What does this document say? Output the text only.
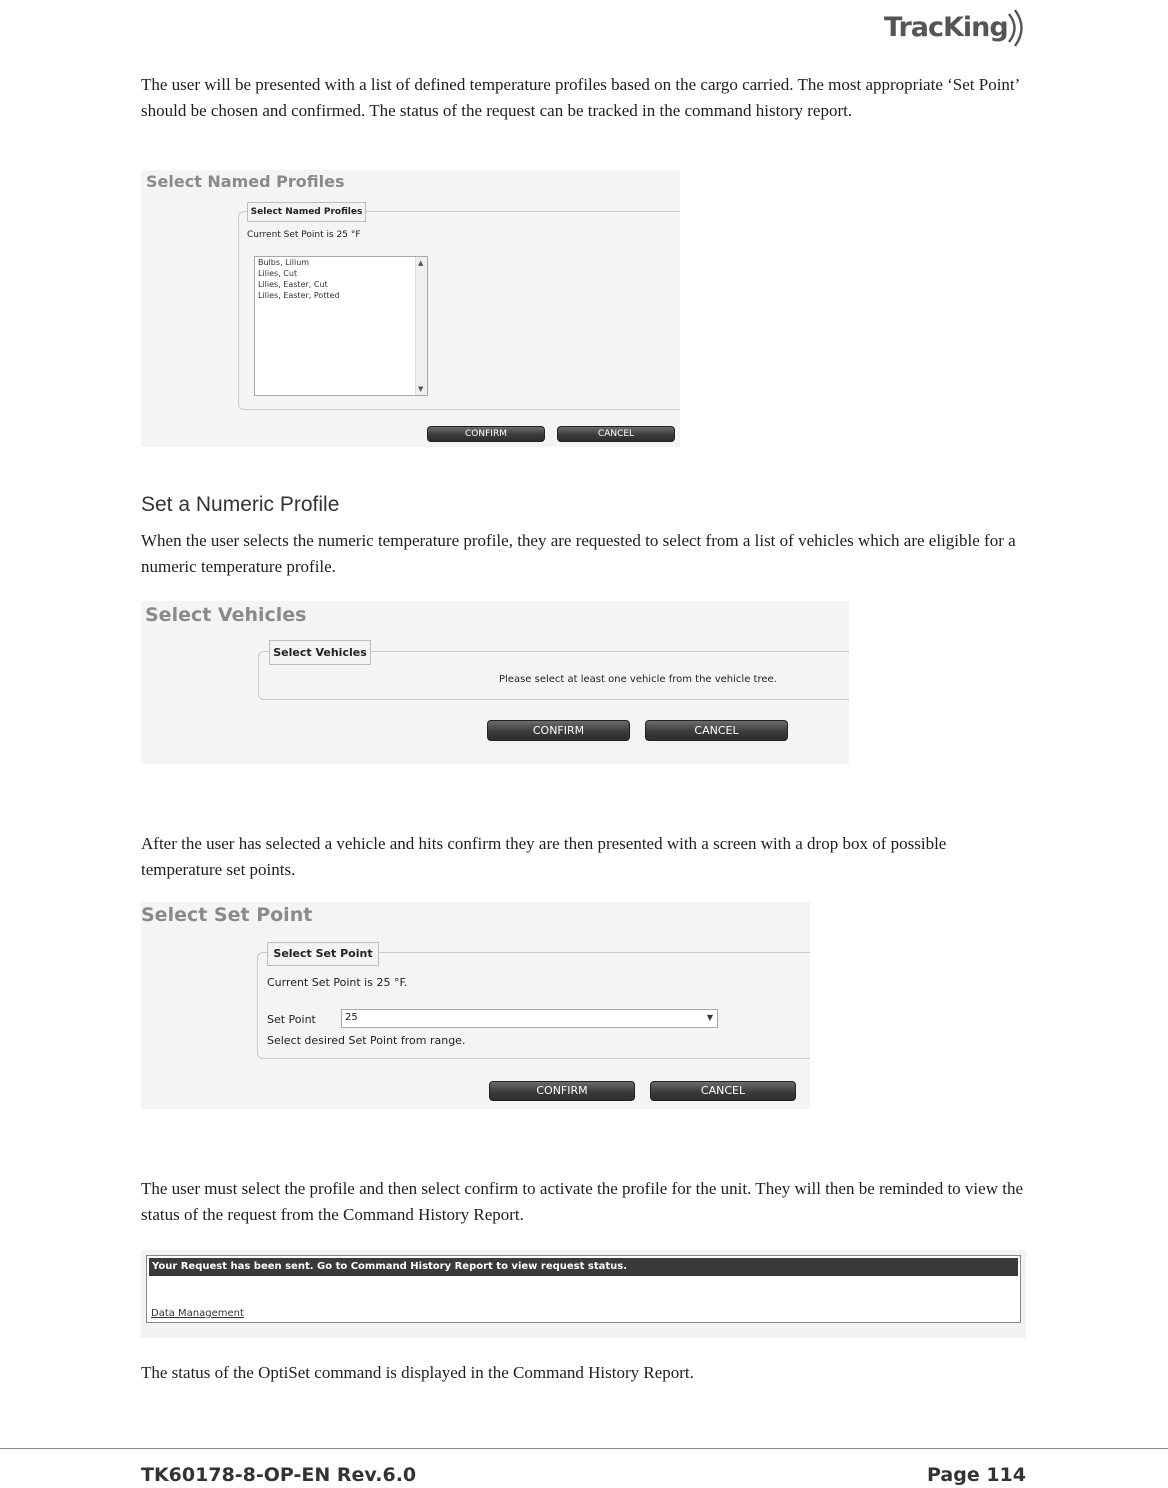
TracKing

The user will be presented with a list of defined temperature profiles based on the cargo carried. The most appropriate ‘Set Point’ should be chosen and confirmed. The status of the request can be tracked in the command history report.

Select Named Profiles
Select Named Profiles
Current Set Point is 25 °F
Bulbs, Lilium
Lilies, Cut
Lilies, Easter, Cut
Lilies, Easter, Potted
▲
▼
CONFIRM	CANCEL
Set a Numeric Profile

When the user selects the numeric temperature profile, they are requested to select from a list of vehicles which are eligible for a numeric temperature profile.

Select Vehicles
Select Vehicles
Please select at least one vehicle from the vehicle tree.
CONFIRM	CANCEL

After the user has selected a vehicle and hits confirm they are then presented with a screen with a drop box of possible temperature set points.

Select Set Point
Select Set Point
Current Set Point is 25 °F.
Set Point	25	▼
Select desired Set Point from range.
CONFIRM	CANCEL

The user must select the profile and then select confirm to activate the profile for the unit. They will then be reminded to view the status of the request from the Command History Report.

Your Request has been sent. Go to Command History Report to view request status.
Data Management

The status of the OptiSet command is displayed in the Command History Report.

TK60178-8-OP-EN Rev.6.0	Page 114
